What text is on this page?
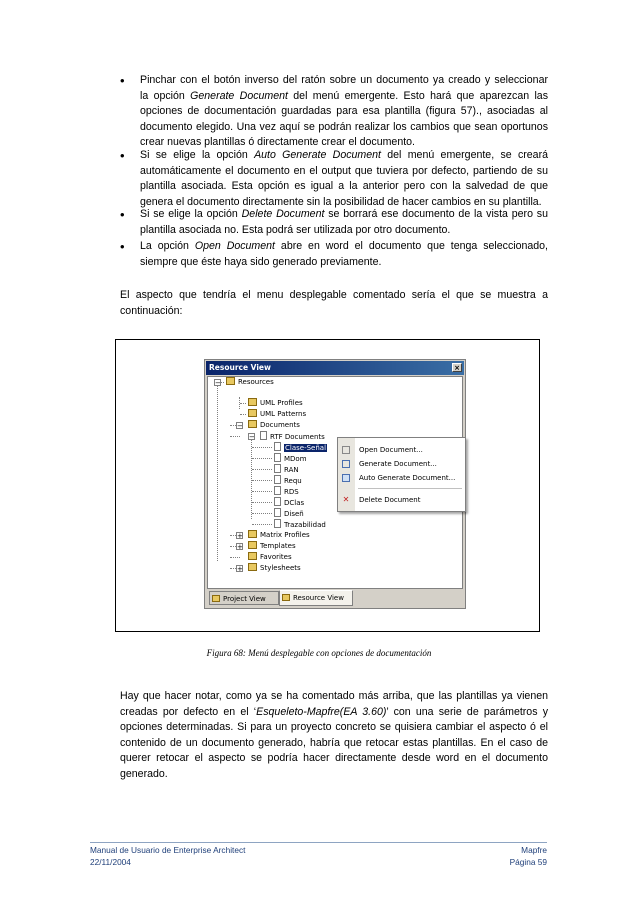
• Pinchar con el botón inverso del ratón sobre un documento ya creado y seleccionar
la opción Generate Document del menú emergente. Esto hará que aparezcan las
opciones de documentación guardadas para esa plantilla (figura 57)., asociadas al
documento elegido. Una vez aquí se podrán realizar los cambios que sean oportunos
crear nuevas plantillas ó directamente crear el documento.
• Si se elige la opción Auto Generate Document del menú emergente, se creará
automáticamente el documento en el output que tuviera por defecto, partiendo de su
plantilla asociada. Esta opción es igual a la anterior pero con la salvedad de que
genera el documento directamente sin la posibilidad de hacer cambios en su plantilla.
• Si se elige la opción Delete Document se borrará ese documento de la vista pero su
plantilla asociada no. Esta podrá ser utilizada por otro documento.
• La opción Open Document abre en word el documento que tenga seleccionado,
siempre que éste haya sido generado previamente.
El aspecto que tendría el menu desplegable comentado sería el que se muestra a
continuación:
Resource View	×
−	Resources
UML Profiles
UML Patterns
−	Documents
−	RTF Documents
Clase-Señal
MDom
RAN
Requ
RDS
DClas
Diseñ
Trazabilidad
+	Matrix Profiles
+	Templates
Favorites
+	Stylesheets
Project View	Resource View
Open Document...
Generate Document...
Auto Generate Document...
✕ Delete Document
Figura 68: Menú desplegable con opciones de documentación
Hay que hacer notar, como ya se ha comentado más arriba, que las plantillas ya vienen
creadas por defecto en el ‘Esqueleto-Mapfre(EA 3.60)’ con una serie de parámetros y
opciones determinadas. Si para un proyecto concreto se quisiera cambiar el aspecto ó el
contenido de un documento generado, habría que retocar estas plantillas. En el caso de
querer retocar el aspecto se podría hacer directamente desde word en el documento
generado.
Manual de Usuario de Enterprise Architect
22/11/2004
Mapfre
Página 59
